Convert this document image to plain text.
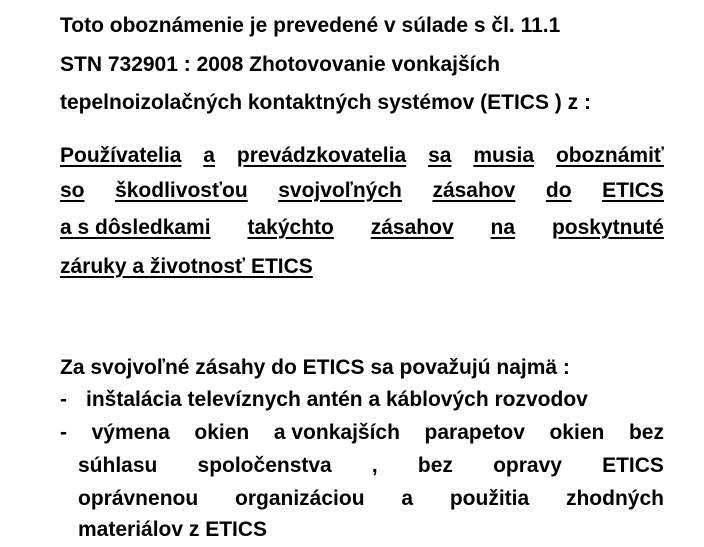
Toto oboznámenie je prevedené v súlade s čl. 11.1
STN 732901 : 2008 Zhotovovanie vonkajších
tepelnoizolačných kontaktných systémov (ETICS ) z :
Používatelia a prevádzkovatelia sa musia oboznámiť
so škodlivosťou svojvoľných zásahov do ETICS
a s dôsledkami takýchto zásahov na poskytnuté
záruky a životnosť ETICS
Za svojvoľné zásahy do ETICS sa považujú najmä :
- inštalácia televíznych antén a káblových rozvodov
- výmena okien a vonkajších parapetov okien bez
súhlasu spoločenstva , bez opravy ETICS
oprávnenou organizáciou a použitia zhodných
materiálov z ETICS
